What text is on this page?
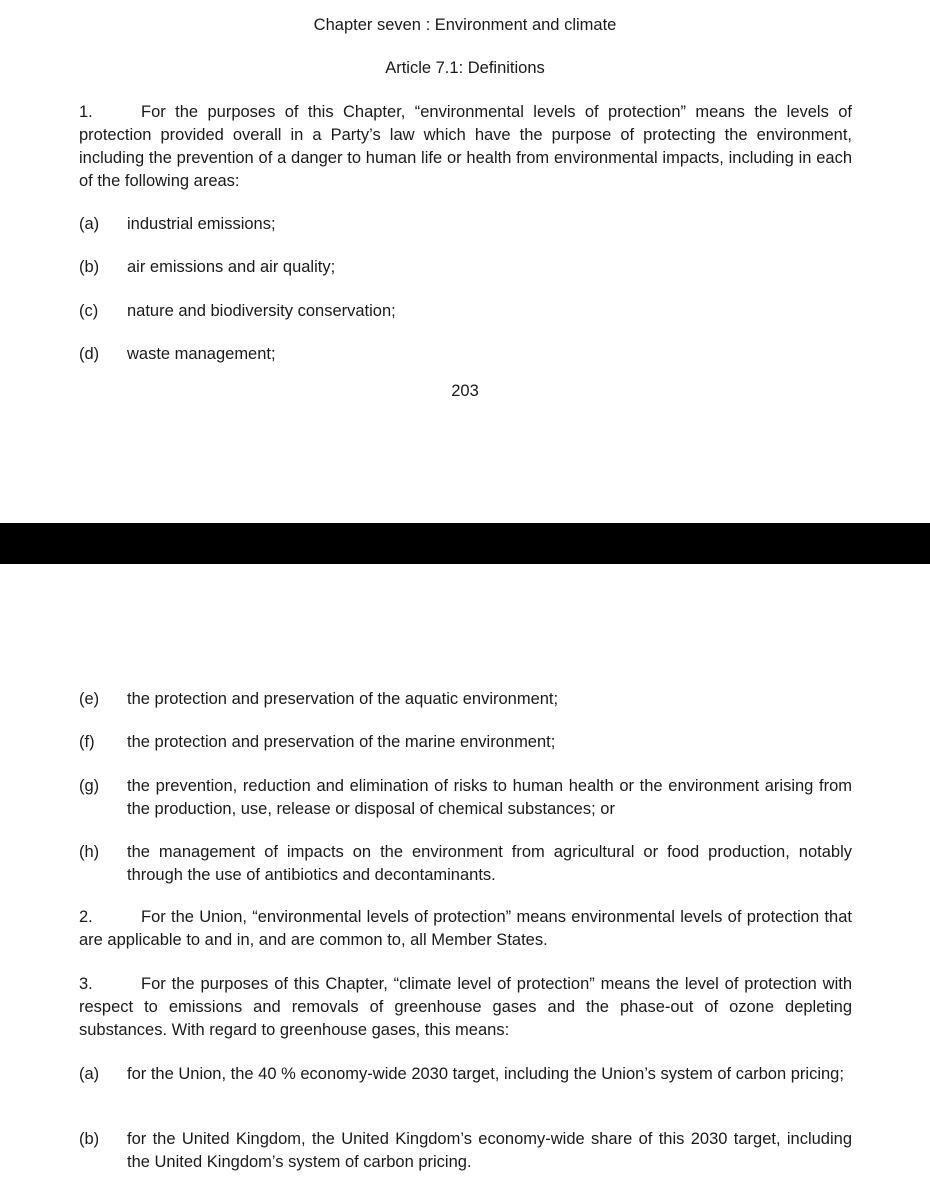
Chapter seven : Environment and climate
Article 7.1: Definitions
1.	For the purposes of this Chapter, “environmental levels of protection” means the levels of protection provided overall in a Party’s law which have the purpose of protecting the environment, including the prevention of a danger to human life or health from environmental impacts, including in each of the following areas:
(a)	industrial emissions;
(b)	air emissions and air quality;
(c)	nature and biodiversity conservation;
(d)	waste management;
203
(e)	the protection and preservation of the aquatic environment;
(f)	the protection and preservation of the marine environment;
(g)	the prevention, reduction and elimination of risks to human health or the environment arising from the production, use, release or disposal of chemical substances; or
(h)	the management of impacts on the environment from agricultural or food production, notably through the use of antibiotics and decontaminants.
2.	For the Union, “environmental levels of protection” means environmental levels of protection that are applicable to and in, and are common to, all Member States.
3.	For the purposes of this Chapter, “climate level of protection” means the level of protection with respect to emissions and removals of greenhouse gases and the phase-out of ozone depleting substances. With regard to greenhouse gases, this means:
(a)	for the Union, the 40 % economy-wide 2030 target, including the Union’s system of carbon pricing;
(b)	for the United Kingdom, the United Kingdom’s economy-wide share of this 2030 target, including the United Kingdom’s system of carbon pricing.
